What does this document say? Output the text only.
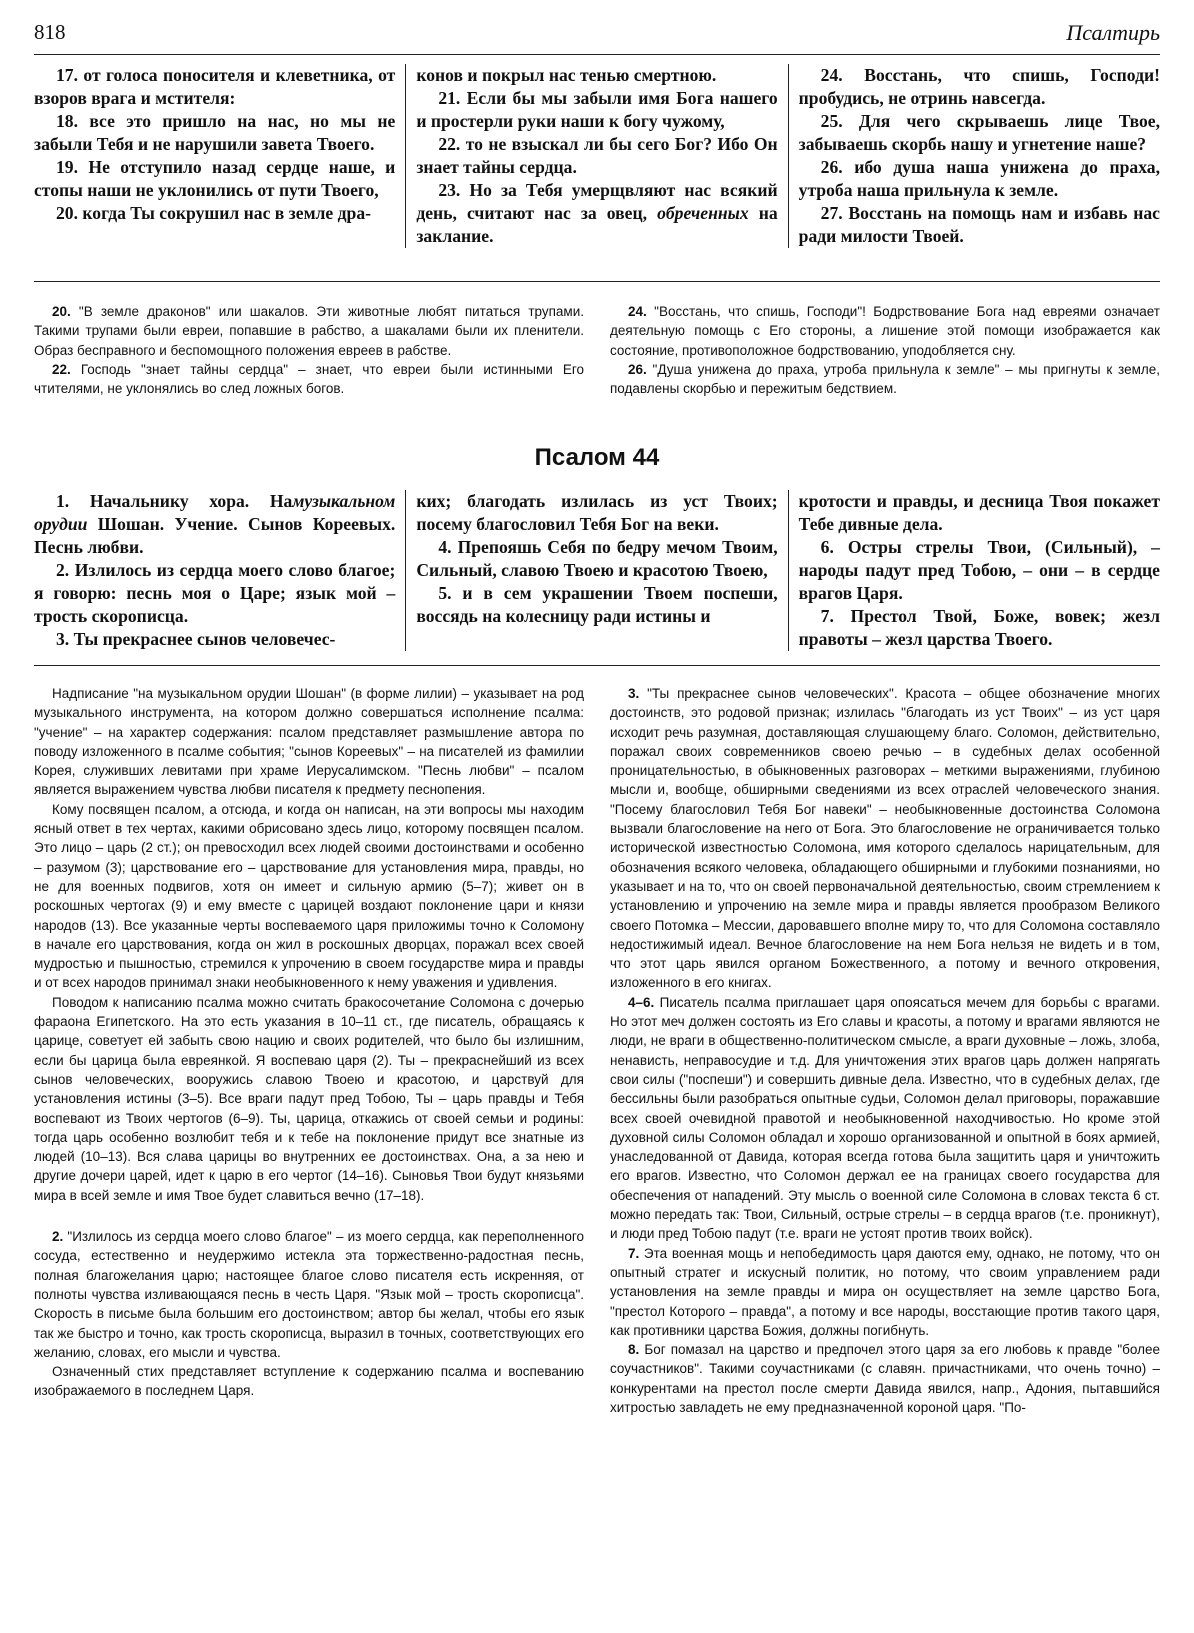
818	Псалтирь

17. от голоса поносителя и клеветника, от взоров врага и мстителя:

18. все это пришло на нас, но мы не забыли Тебя и не нарушили завета Твоего.

19. Не отступило назад сердце наше, и стопы наши не уклонились от пути Твоего,

20. когда Ты сокрушил нас в земле дра-

конов и покрыл нас тенью смертною.

21. Если бы мы забыли имя Бога нашего и простерли руки наши к богу чужому,

22. то не взыскал ли бы сего Бог? Ибо Он знает тайны сердца.

23. Но за Тебя умерщвляют нас всякий день, считают нас за овец, обреченных на заклание.

24. Восстань, что спишь, Господи! пробудись, не отринь навсегда.

25. Для чего скрываешь лице Твое, забываешь скорбь нашу и угнетение наше?

26. ибо душа наша унижена до праха, утроба наша прильнула к земле.

27. Восстань на помощь нам и избавь нас ради милости Твоей.

20. "В земле драконов" или шакалов. Эти животные любят питаться трупами. Такими трупами были евреи, попавшие в рабство, а шакалами были их пленители. Образ бесправного и беспомощного положения евреев в рабстве.

22. Господь "знает тайны сердца" – знает, что евреи были истинными Его чтителями, не уклонялись во след ложных богов.

24. "Восстань, что спишь, Господи"! Бодрствование Бога над евреями означает деятельную помощь с Его стороны, а лишение этой помощи изображается как состояние, противоположное бодрствованию, уподобляется сну.

26. "Душа унижена до праха, утроба прильнула к земле" – мы пригнуты к земле, подавлены скорбью и пережитым бедствием.

Псалом 44

1. Начальнику хора. Намузыкальном орудии Шошан. Учение. Сынов Кореевых. Песнь любви.

2. Излилось из сердца моего слово благое; я говорю: песнь моя о Царе; язык мой – трость скорописца.

3. Ты прекраснее сынов человечес-

ких; благодать излилась из уст Твоих; посему благословил Тебя Бог на веки.

4. Препояшь Себя по бедру мечом Твоим, Сильный, славою Твоею и красотою Твоею,

5. и в сем украшении Твоем поспеши, воссядь на колесницу ради истины и

кротости и правды, и десница Твоя покажет Тебе дивные дела.

6. Остры стрелы Твои, (Сильный), – народы падут пред Тобою, – они – в сердце врагов Царя.

7. Престол Твой, Боже, вовек; жезл правоты – жезл царства Твоего.

Надписание "на музыкальном орудии Шошан" (в форме лилии) – указывает на род музыкального инструмента, на котором должно совершаться исполнение псалма: "учение" – на характер содержания: псалом представляет размышление автора по поводу изложенного в псалме события; "сынов Кореевых" – на писателей из фамилии Корея, служивших левитами при храме Иерусалимском. "Песнь любви" – псалом является выражением чувства любви писателя к предмету песнопения.

Кому посвящен псалом, а отсюда, и когда он написан, на эти вопросы мы находим ясный ответ в тех чертах, какими обрисовано здесь лицо, которому посвящен псалом. Это лицо – царь (2 ст.); он превосходил всех людей своими достоинствами и особенно – разумом (3); царствование его – царствование для установления мира, правды, но не для военных подвигов, хотя он имеет и сильную армию (5–7); живет он в роскошных чертогах (9) и ему вместе с царицей воздают поклонение цари и князи народов (13). Все указанные черты воспеваемого царя приложимы точно к Соломону в начале его царствования, когда он жил в роскошных дворцах, поражал всех своей мудростью и пышностью, стремился к упрочению в своем государстве мира и правды и от всех народов принимал знаки необыкновенного к нему уважения и удивления.

Поводом к написанию псалма можно считать бракосочетание Соломона с дочерью фараона Египетского. На это есть указания в 10–11 ст., где писатель, обращаясь к царице, советует ей забыть свою нацию и своих родителей, что было бы излишним, если бы царица была евреянкой. Я воспеваю царя (2). Ты – прекраснейший из всех сынов человеческих, вооружись славою Твоею и красотою, и царствуй для установления истины (3–5). Все враги падут пред Тобою, Ты – царь правды и Тебя воспевают из Твоих чертогов (6–9). Ты, царица, откажись от своей семьи и родины: тогда царь особенно возлюбит тебя и к тебе на поклонение придут все знатные из людей (10–13). Вся слава царицы во внутренних ее достоинствах. Она, а за нею и другие дочери царей, идет к царю в его чертог (14–16). Сыновья Твои будут князьями мира в всей земле и имя Твое будет славиться вечно (17–18).

2. "Излилось из сердца моего слово благое" – из моего сердца, как переполненного сосуда, естественно и неудержимо истекла эта торжественно-радостная песнь, полная благожелания царю; настоящее благое слово писателя есть искренняя, от полноты чувства изливающаяся песнь в честь Царя. "Язык мой – трость скорописца". Скорость в письме была большим его достоинством; автор бы желал, чтобы его язык так же быстро и точно, как трость скорописца, выразил в точных, соответствующих его желанию, словах, его мысли и чувства.

Означенный стих представляет вступление к содержанию псалма и воспеванию изображаемого в последнем Царя.

3. "Ты прекраснее сынов человеческих". Красота – общее обозначение многих достоинств, это родовой признак; излилась "благодать из уст Твоих" – из уст царя исходит речь разумная, доставляющая слушающему благо. Соломон, действительно, поражал своих современников своею речью – в судебных делах особенной проницательностью, в обыкновенных разговорах – меткими выражениями, глубиною мысли и, вообще, обширными сведениями из всех отраслей человеческого знания. "Посему благословил Тебя Бог навеки" – необыкновенные достоинства Соломона вызвали благословение на него от Бога. Это благословение не ограничивается только исторической известностью Соломона, имя которого сделалось нарицательным, для обозначения всякого человека, обладающего обширными и глубокими познаниями, но указывает и на то, что он своей первоначальной деятельностью, своим стремлением к установлению и упрочению на земле мира и правды является прообразом Великого своего Потомка – Мессии, даровавшего вполне миру то, что для Соломона составляло недостижимый идеал. Вечное благословение на нем Бога нельзя не видеть и в том, что этот царь явился органом Божественного, а потому и вечного откровения, изложенного в его книгах.

4–6. Писатель псалма приглашает царя опоясаться мечем для борьбы с врагами. Но этот меч должен состоять из Его славы и красоты, а потому и врагами являются не люди, не враги в общественно-политическом смысле, а враги духовные – ложь, злоба, ненависть, неправосудие и т.д. Для уничтожения этих врагов царь должен напрягать свои силы ("поспеши") и совершить дивные дела. Известно, что в судебных делах, где бессильны были разобраться опытные судьи, Соломон делал приговоры, поражавшие всех своей очевидной правотой и необыкновенной находчивостью. Но кроме этой духовной силы Соломон обладал и хорошо организованной и опытной в боях армией, унаследованной от Давида, которая всегда готова была защитить царя и уничтожить его врагов. Известно, что Соломон держал ее на границах своего государства для обеспечения от нападений. Эту мысль о военной силе Соломона в словах текста 6 ст. можно передать так: Твои, Сильный, острые стрелы – в сердца врагов (т.е. проникнут), и люди пред Тобою падут (т.е. враги не устоят против твоих войск).

7. Эта военная мощь и непобедимость царя даются ему, однако, не потому, что он опытный стратег и искусный политик, но потому, что своим управлением ради установления на земле правды и мира он осуществляет на земле царство Бога, "престол Которого – правда", а потому и все народы, восстающие против такого царя, как противники царства Божия, должны погибнуть.

8. Бог помазал на царство и предпочел этого царя за его любовь к правде "более соучастников". Такими соучастниками (с славян. причастниками, что очень точно) – конкурентами на престол после смерти Давида явился, напр., Адония, пытавшийся хитростью завладеть не ему предназначенной короной царя. "По-
